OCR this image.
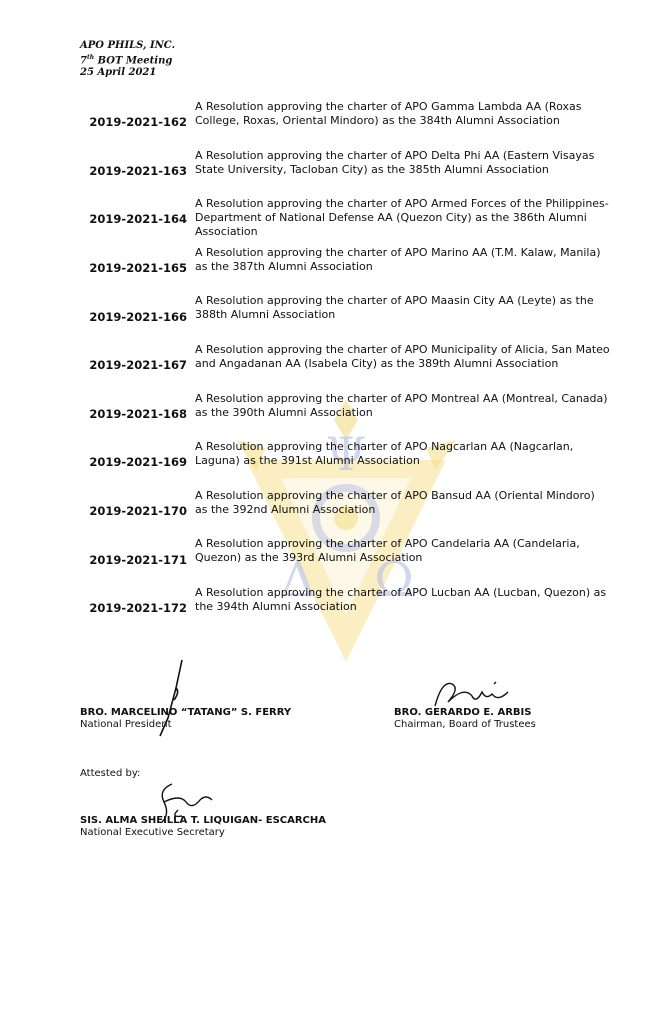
Ψ
Δ Ω
APO PHILS, INC.
7th BOT Meeting
25 April 2021
2019-2021-162
A Resolution approving the charter of APO Gamma Lambda AA (Roxas College, Roxas, Oriental Mindoro) as the 384th Alumni Association
2019-2021-163
A Resolution approving the charter of APO Delta Phi AA (Eastern Visayas State University, Tacloban City) as the 385th Alumni Association
2019-2021-164
A Resolution approving the charter of APO Armed Forces of the Philippines-Department of National Defense AA (Quezon City) as the 386th Alumni Association
2019-2021-165
A Resolution approving the charter of APO Marino AA (T.M. Kalaw, Manila) as the 387th Alumni Association
2019-2021-166
A Resolution approving the charter of APO Maasin City AA (Leyte) as the 388th Alumni Association
2019-2021-167
A Resolution approving the charter of APO Municipality of Alicia, San Mateo and Angadanan AA (Isabela City) as the 389th Alumni Association
2019-2021-168
A Resolution approving the charter of APO Montreal AA (Montreal, Canada) as the 390th Alumni Association
2019-2021-169
A Resolution approving the charter of APO Nagcarlan AA (Nagcarlan, Laguna) as the 391st Alumni Association
2019-2021-170
A Resolution approving the charter of APO Bansud AA (Oriental Mindoro) as the 392nd Alumni Association
2019-2021-171
A Resolution approving the charter of APO Candelaria AA (Candelaria, Quezon) as the 393rd Alumni Association
2019-2021-172
A Resolution approving the charter of APO Lucban AA (Lucban, Quezon) as the 394th Alumni Association
BRO. MARCELINO “TATANG” S. FERRY
National President
BRO. GERARDO E. ARBIS
Chairman, Board of Trustees
Attested by:
SIS. ALMA SHEILLA T. LIQUIGAN- ESCARCHA
National Executive Secretary
